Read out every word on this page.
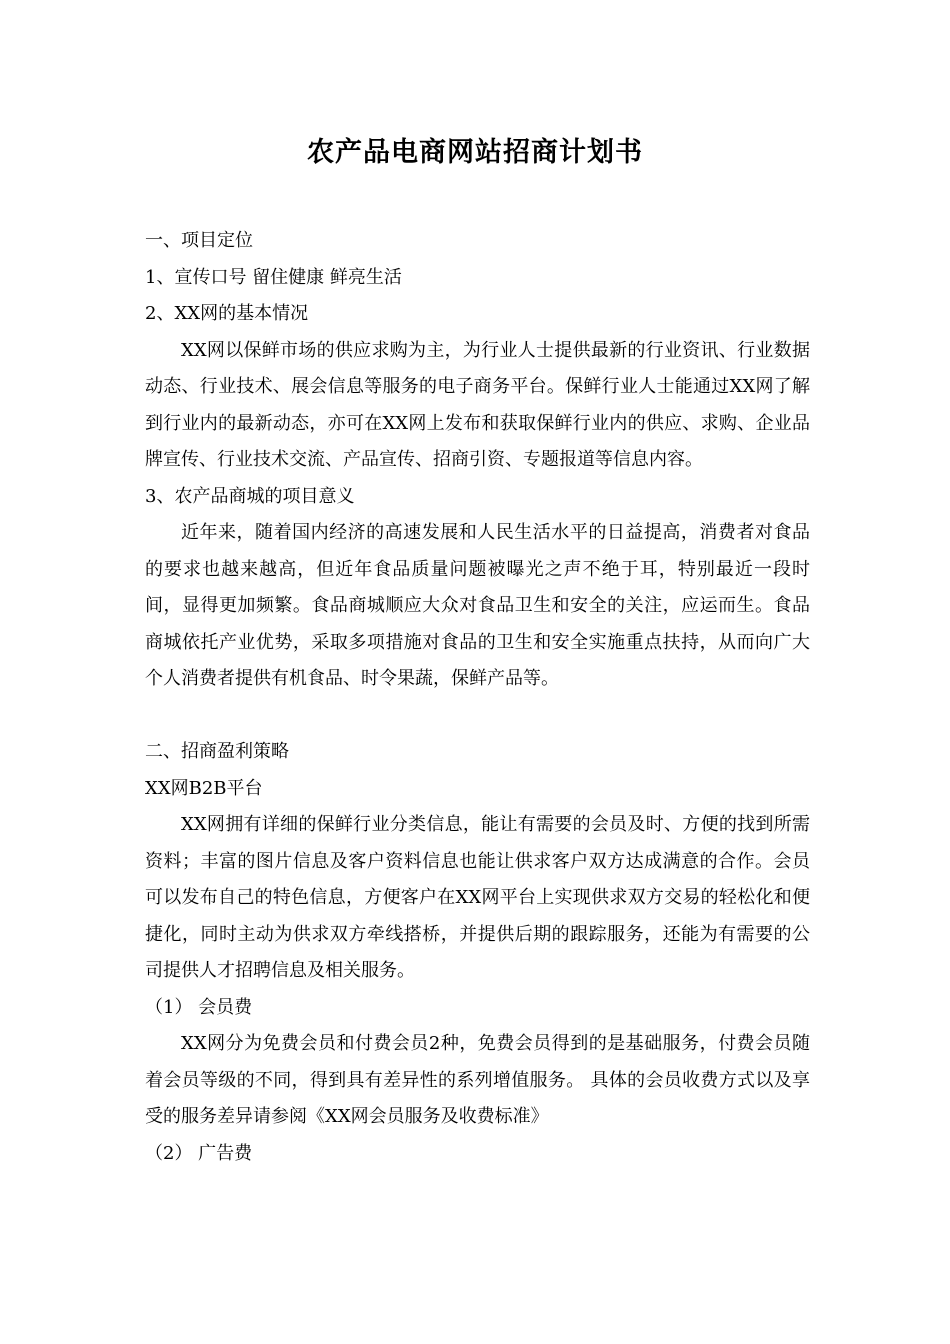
农产品电商网站招商计划书
一、项目定位
1、宣传口号 留住健康 鲜亮生活
2、XX网的基本情况

XX网以保鲜市场的供应求购为主，为行业人士提供最新的行业资讯、行业数据动态、行业技术、展会信息等服务的电子商务平台。保鲜行业人士能通过XX网了解到行业内的最新动态，亦可在XX网上发布和获取保鲜行业内的供应、求购、企业品牌宣传、行业技术交流、产品宣传、招商引资、专题报道等信息内容。

3、农产品商城的项目意义

近年来，随着国内经济的高速发展和人民生活水平的日益提高，消费者对食品的要求也越来越高，但近年食品质量问题被曝光之声不绝于耳，特别最近一段时间，显得更加频繁。食品商城顺应大众对食品卫生和安全的关注，应运而生。食品商城依托产业优势，采取多项措施对食品的卫生和安全实施重点扶持，从而向广大个人消费者提供有机食品、时令果蔬，保鲜产品等。

二、招商盈利策略
XX网B2B平台

XX网拥有详细的保鲜行业分类信息，能让有需要的会员及时、方便的找到所需资料；丰富的图片信息及客户资料信息也能让供求客户双方达成满意的合作。会员可以发布自己的特色信息，方便客户在XX网平台上实现供求双方交易的轻松化和便捷化，同时主动为供求双方牵线搭桥，并提供后期的跟踪服务，还能为有需要的公司提供人才招聘信息及相关服务。

（1） 会员费

XX网分为免费会员和付费会员2种，免费会员得到的是基础服务，付费会员随着会员等级的不同，得到具有差异性的系列增值服务。 具体的会员收费方式以及享受的服务差异请参阅《XX网会员服务及收费标准》

（2） 广告费
